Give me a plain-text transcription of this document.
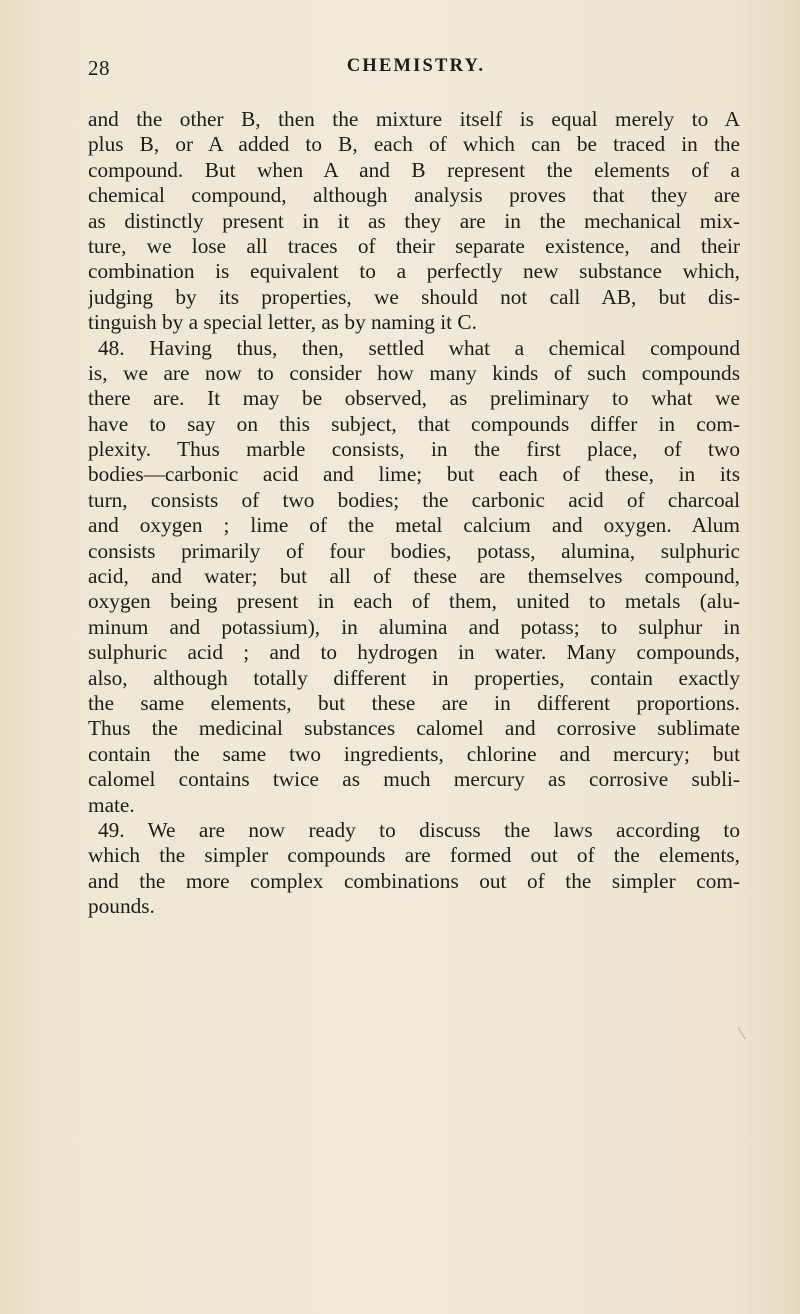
28	CHEMISTRY.
and the other B, then the mixture itself is equal merely to A
plus B, or A added to B, each of which can be traced in the
compound. But when A and B represent the elements of a
chemical compound, although analysis proves that they are
as distinctly present in it as they are in the mechanical mix-
ture, we lose all traces of their separate existence, and their
combination is equivalent to a perfectly new substance which,
judging by its properties, we should not call AB, but dis-
tinguish by a special letter, as by naming it C.
48. Having thus, then, settled what a chemical compound
is, we are now to consider how many kinds of such compounds
there are. It may be observed, as preliminary to what we
have to say on this subject, that compounds differ in com-
plexity. Thus marble consists, in the first place, of two
bodies—carbonic acid and lime; but each of these, in its
turn, consists of two bodies; the carbonic acid of charcoal
and oxygen ; lime of the metal calcium and oxygen. Alum
consists primarily of four bodies, potass, alumina, sulphuric
acid, and water; but all of these are themselves compound,
oxygen being present in each of them, united to metals (alu-
minum and potassium), in alumina and potass; to sulphur in
sulphuric acid ; and to hydrogen in water. Many compounds,
also, although totally different in properties, contain exactly
the same elements, but these are in different proportions.
Thus the medicinal substances calomel and corrosive sublimate
contain the same two ingredients, chlorine and mercury; but
calomel contains twice as much mercury as corrosive subli-
mate.
49. We are now ready to discuss the laws according to
which the simpler compounds are formed out of the elements,
and the more complex combinations out of the simpler com-
pounds.
